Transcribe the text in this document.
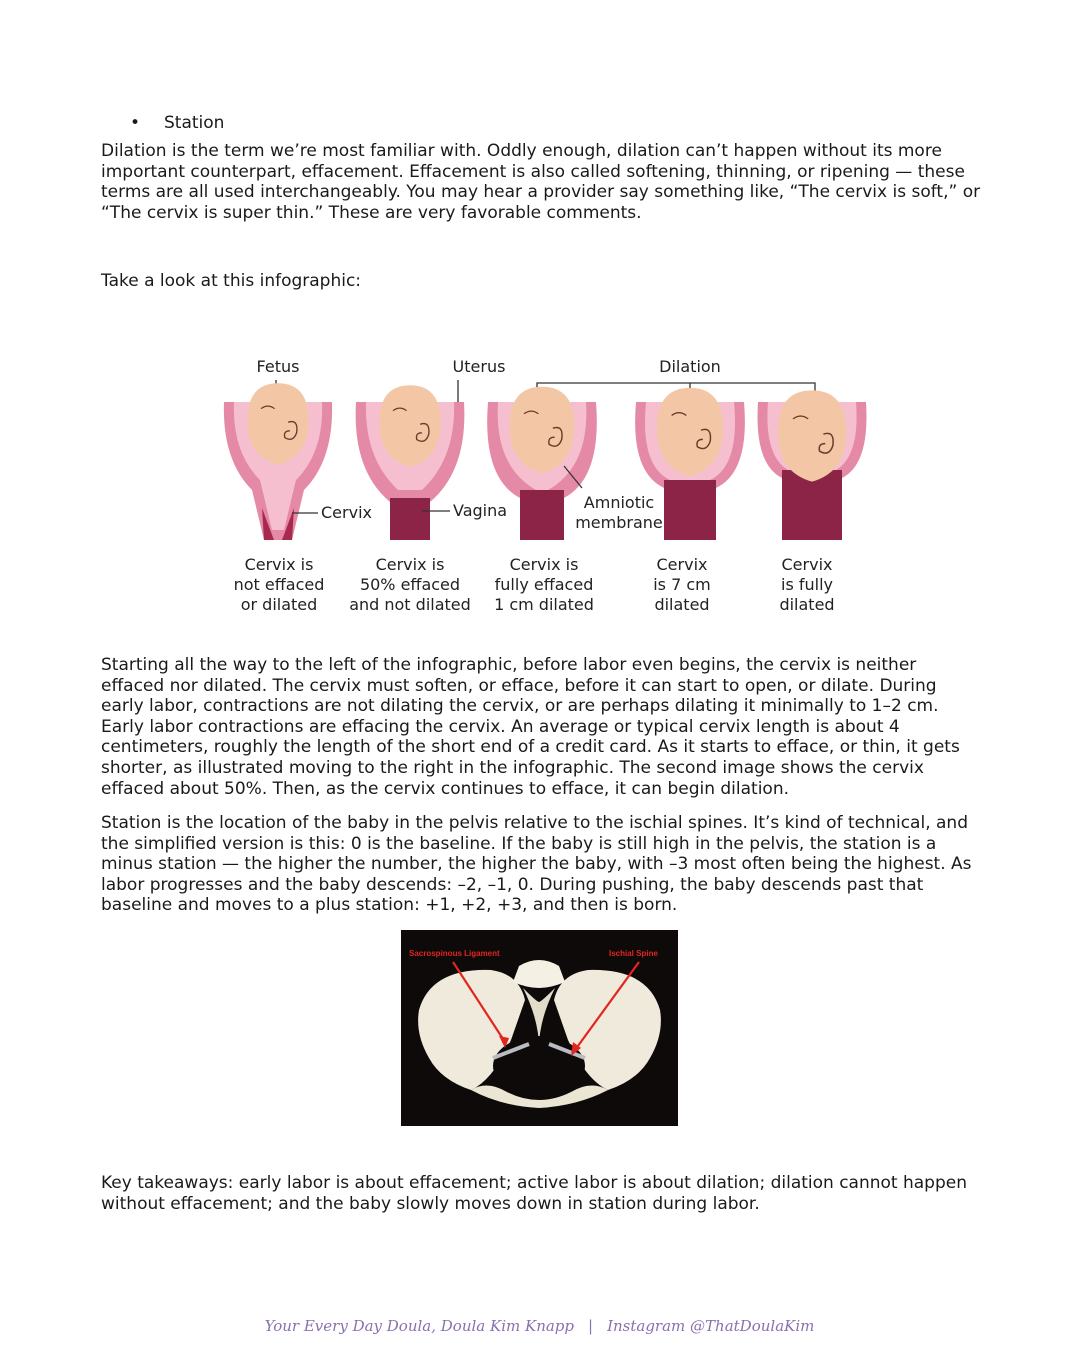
• Station

Dilation is the term we’re most familiar with. Oddly enough, dilation can’t happen without its more important counterpart, effacement. Effacement is also called softening, thinning, or ripening — these terms are all used interchangeably. You may hear a provider say something like, “The cervix is soft,” or “The cervix is super thin.” These are very favorable comments.

Take a look at this infographic:

Fetus	Uterus	Dilation
Cervix	Vagina	Amniotic
membrane
Cervix is
not effaced
or dilated
Cervix is
50% effaced
and not dilated
Cervix is
fully effaced
1 cm dilated
Cervix
is 7 cm
dilated
Cervix
is fully
dilated

Starting all the way to the left of the infographic, before labor even begins, the cervix is neither effaced nor dilated. The cervix must soften, or efface, before it can start to open, or dilate. During early labor, contractions are not dilating the cervix, or are perhaps dilating it minimally to 1–2 cm. Early labor contractions are effacing the cervix. An average or typical cervix length is about 4 centimeters, roughly the length of the short end of a credit card. As it starts to efface, or thin, it gets shorter, as illustrated moving to the right in the infographic. The second image shows the cervix effaced about 50%. Then, as the cervix continues to efface, it can begin dilation.

Station is the location of the baby in the pelvis relative to the ischial spines. It’s kind of technical, and the simplified version is this: 0 is the baseline. If the baby is still high in the pelvis, the station is a minus station — the higher the number, the higher the baby, with –3 most often being the highest. As labor progresses and the baby descends: –2, –1, 0. During pushing, the baby descends past that baseline and moves to a plus station: +1, +2, +3, and then is born.

Sacrospinous Ligament	Ischial Spine

Key takeaways: early labor is about effacement; active labor is about dilation; dilation cannot happen without effacement; and the baby slowly moves down in station during labor.

Your Every Day Doula, Doula Kim Knapp | Instagram @ThatDoulaKim
